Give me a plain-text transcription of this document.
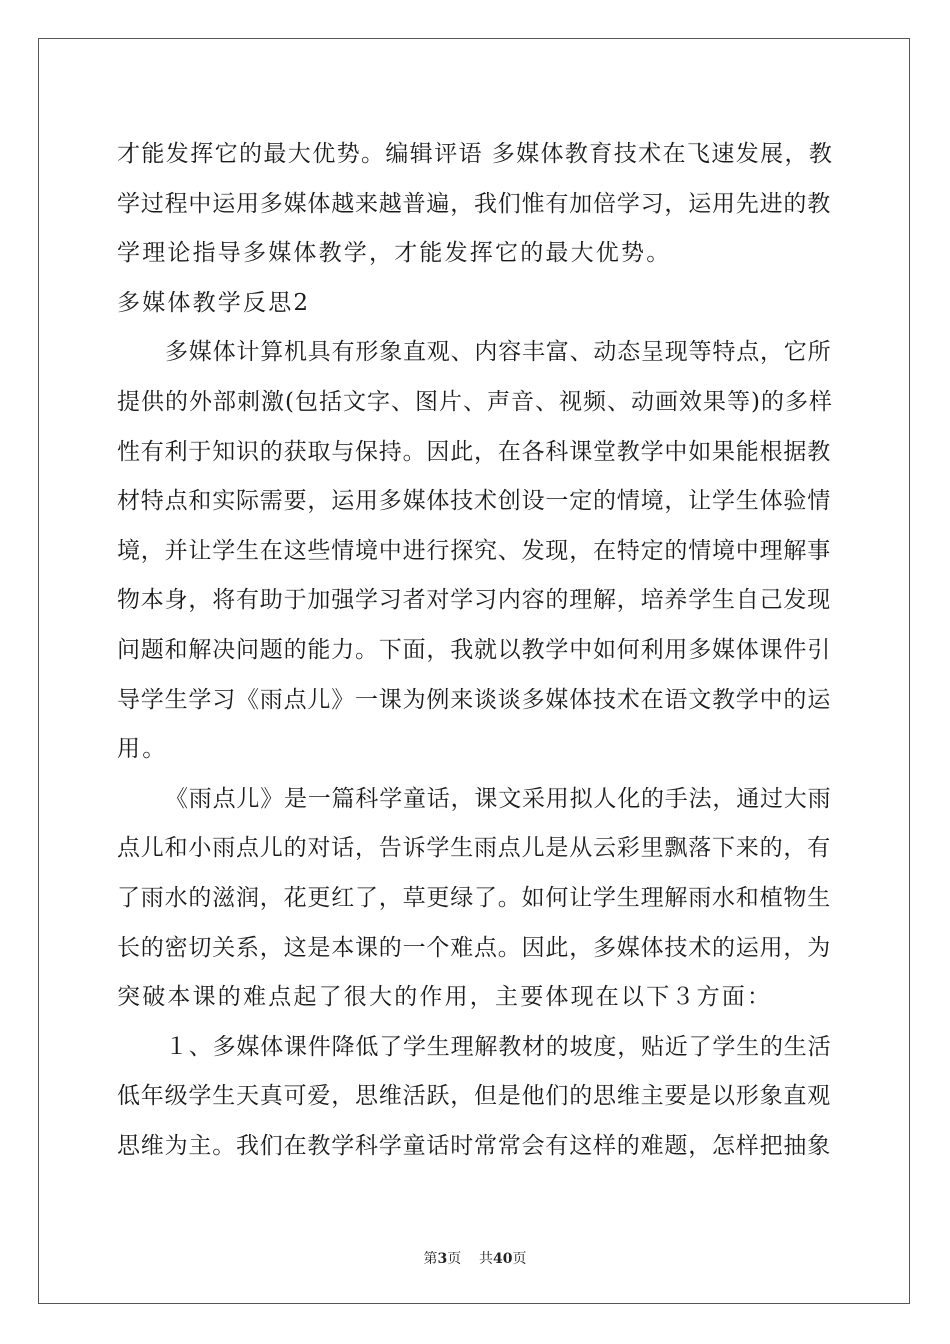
才能发挥它的最大优势。编辑评语 多媒体教育技术在飞速发展，教
学过程中运用多媒体越来越普遍，我们惟有加倍学习，运用先进的教
学理论指导多媒体教学，才能发挥它的最大优势。
多媒体教学反思2
多媒体计算机具有形象直观、内容丰富、动态呈现等特点，它所
提供的外部刺激(包括文字、图片、声音、视频、动画效果等)的多样
性有利于知识的获取与保持。因此，在各科课堂教学中如果能根据教
材特点和实际需要，运用多媒体技术创设一定的情境，让学生体验情
境，并让学生在这些情境中进行探究、发现，在特定的情境中理解事
物本身，将有助于加强学习者对学习内容的理解，培养学生自己发现
问题和解决问题的能力。下面，我就以教学中如何利用多媒体课件引
导学生学习《雨点儿》一课为例来谈谈多媒体技术在语文教学中的运
用。
《雨点儿》是一篇科学童话，课文采用拟人化的手法，通过大雨
点儿和小雨点儿的对话，告诉学生雨点儿是从云彩里飘落下来的，有
了雨水的滋润，花更红了，草更绿了。如何让学生理解雨水和植物生
长的密切关系，这是本课的一个难点。因此，多媒体技术的运用，为
突破本课的难点起了很大的作用，主要体现在以下３方面：
１、多媒体课件降低了学生理解教材的坡度，贴近了学生的生活
低年级学生天真可爱，思维活跃，但是他们的思维主要是以形象直观
思维为主。我们在教学科学童话时常常会有这样的难题，怎样把抽象
第3页 共40页
